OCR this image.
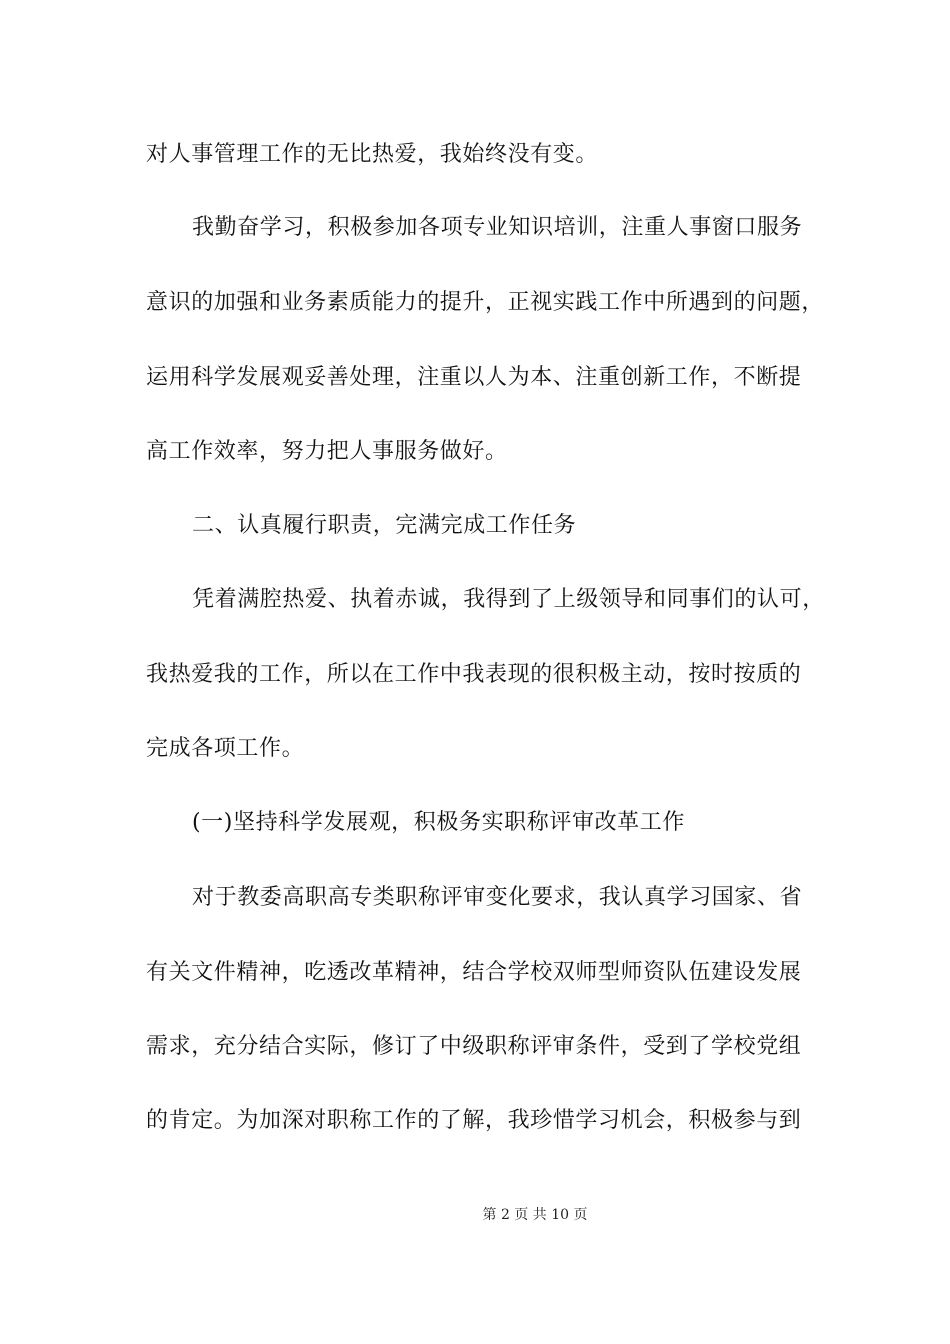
对人事管理工作的无比热爱，我始终没有变。
我勤奋学习，积极参加各项专业知识培训，注重人事窗口服务
意识的加强和业务素质能力的提升，正视实践工作中所遇到的问题，
运用科学发展观妥善处理，注重以人为本、注重创新工作，不断提
高工作效率，努力把人事服务做好。
二、认真履行职责，完满完成工作任务
凭着满腔热爱、执着赤诚，我得到了上级领导和同事们的认可，
我热爱我的工作，所以在工作中我表现的很积极主动，按时按质的
完成各项工作。
(一)坚持科学发展观，积极务实职称评审改革工作
对于教委高职高专类职称评审变化要求，我认真学习国家、省
有关文件精神，吃透改革精神，结合学校双师型师资队伍建设发展
需求，充分结合实际，修订了中级职称评审条件，受到了学校党组
的肯定。为加深对职称工作的了解，我珍惜学习机会，积极参与到
第 2 页 共 10 页
